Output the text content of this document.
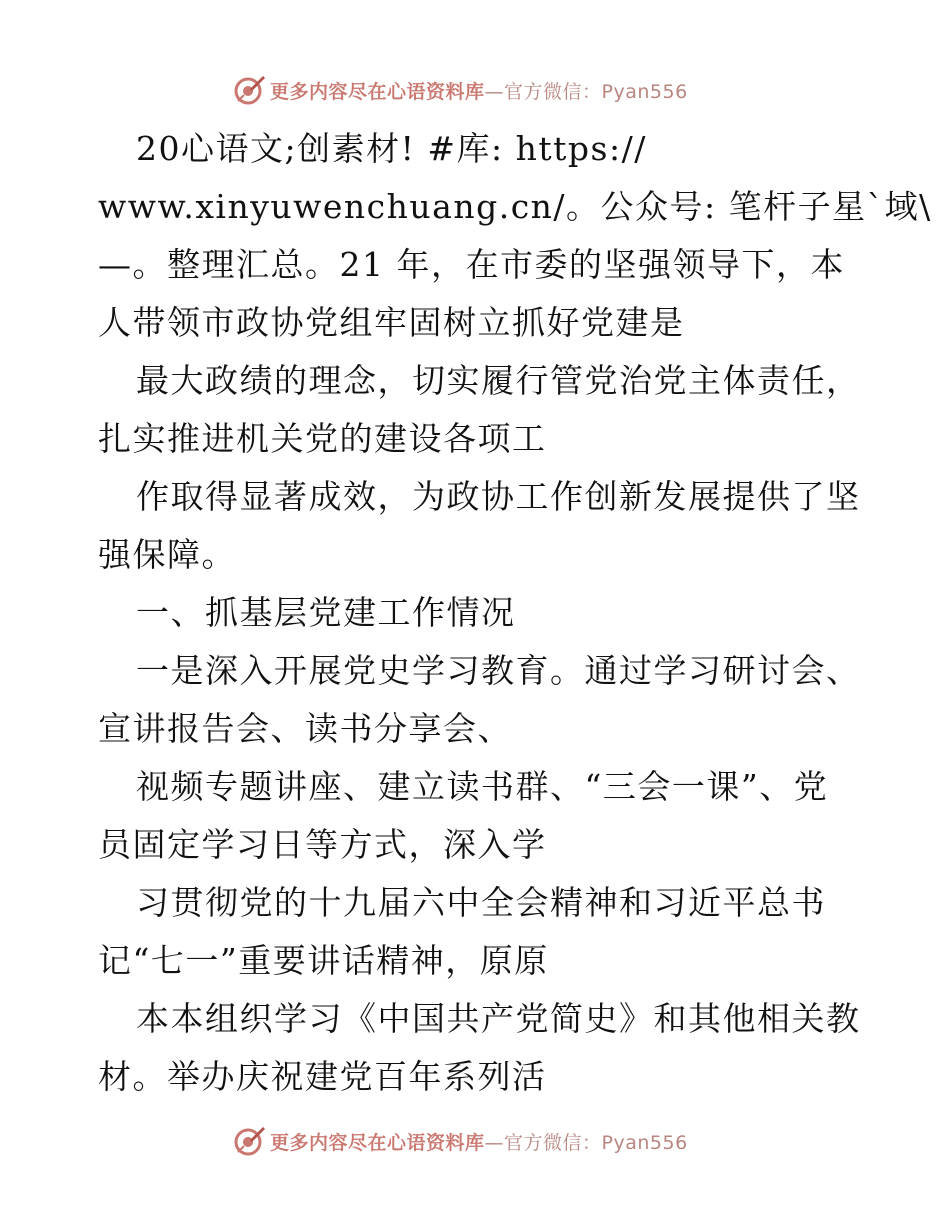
更多内容尽在心语资料库 —官方微信：Pyan556
20心语文;创素材! #库: https://
www.xinyuwenchuang.cn/。公众号: 笔杆子星`域\
—。整理汇总。21 年，在市委的坚强领导下，本
人带领市政协党组牢固树立抓好党建是
最大政绩的理念，切实履行管党治党主体责任，
扎实推进机关党的建设各项工
作取得显著成效，为政协工作创新发展提供了坚
强保障。
一、抓基层党建工作情况
一是深入开展党史学习教育。通过学习研讨会、
宣讲报告会、读书分享会、
视频专题讲座、建立读书群、“三会一课”、党
员固定学习日等方式，深入学
习贯彻党的十九届六中全会精神和习近平总书
记“七一”重要讲话精神，原原
本本组织学习《中国共产党简史》和其他相关教
材。举办庆祝建党百年系列活
更多内容尽在心语资料库 —官方微信：Pyan556
